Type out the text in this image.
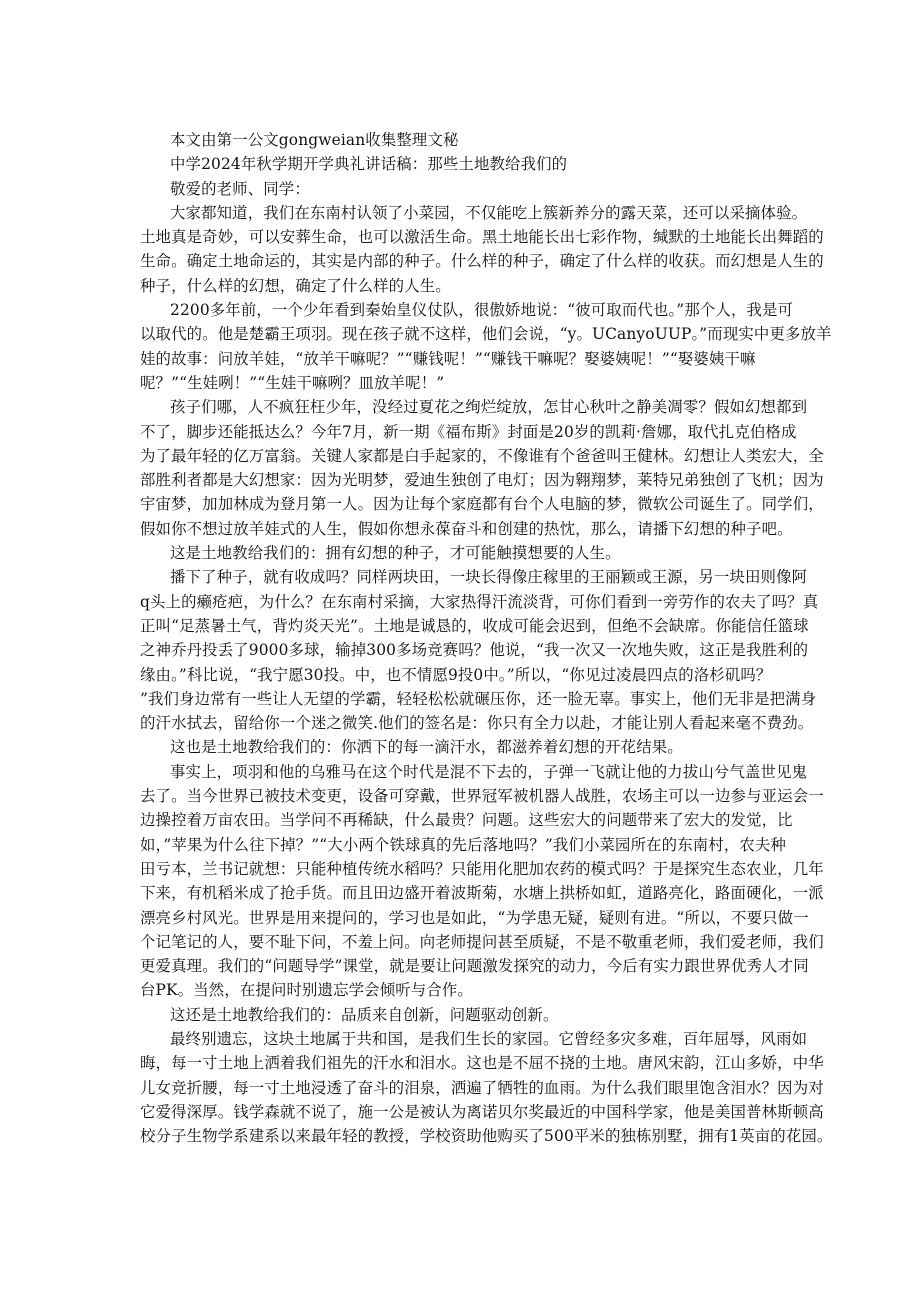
本文由第一公文gongweian收集整理文秘
中学2024年秋学期开学典礼讲话稿：那些土地教给我们的
敬爱的老师、同学：
大家都知道，我们在东南村认领了小菜园，不仅能吃上簇新养分的露天菜，还可以采摘体验。
土地真是奇妙，可以安葬生命，也可以激活生命。黑土地能长出七彩作物，缄默的土地能长出舞蹈的
生命。确定土地命运的，其实是内部的种子。什么样的种子，确定了什么样的收获。而幻想是人生的
种子，什么样的幻想，确定了什么样的人生。
2200多年前，一个少年看到秦始皇仪仗队，很傲娇地说：“彼可取而代也。”那个人，我是可
以取代的。他是楚霸王项羽。现在孩子就不这样，他们会说，“y。UCanyoUUP。”而现实中更多放羊
娃的故事：问放羊娃，“放羊干嘛呢？”“赚钱呢！”“赚钱干嘛呢？娶婆姨呢！”“娶婆姨干嘛
呢？”“生娃咧！”“生娃干嘛咧？皿放羊呢！”
孩子们哪，人不疯狂枉少年，没经过夏花之绚烂绽放，怎甘心秋叶之静美凋零？假如幻想都到
不了，脚步还能抵达么？今年7月，新一期《福布斯》封面是20岁的凯莉·詹娜，取代扎克伯格成
为了最年轻的亿万富翁。关键人家都是白手起家的，不像谁有个爸爸叫王健林。幻想让人类宏大，全
部胜利者都是大幻想家：因为光明梦，爱迪生独创了电灯；因为翱翔梦，莱特兄弟独创了飞机；因为
宇宙梦，加加林成为登月第一人。因为让每个家庭都有台个人电脑的梦，微软公司诞生了。同学们，
假如你不想过放羊娃式的人生，假如你想永葆奋斗和创建的热忱，那么，请播下幻想的种子吧。
这是土地教给我们的：拥有幻想的种子，才可能触摸想要的人生。
播下了种子，就有收成吗？同样两块田，一块长得像庄稼里的王丽颖或王源，另一块田则像阿
q头上的癞疮疤，为什么？在东南村采摘，大家热得汗流淡背，可你们看到一旁劳作的农夫了吗？真
正叫“足蒸暑土气，背灼炎天光”。土地是诚恳的，收成可能会迟到，但绝不会缺席。你能信任篮球
之神乔丹投丢了9000多球，输掉300多场竞赛吗？他说，“我一次又一次地失败，这正是我胜利的
缘由。”科比说，“我宁愿30投。中，也不情愿9投0中。”所以，“你见过凌晨四点的洛杉矶吗？
”我们身边常有一些让人无望的学霸，轻轻松松就碾压你，还一脸无辜。事实上，他们无非是把满身
的汗水拭去，留给你一个迷之微笑.他们的签名是：你只有全力以赴，才能让别人看起来毫不费劲。
这也是土地教给我们的：你洒下的每一滴汗水，都滋养着幻想的开花结果。
事实上，项羽和他的乌雅马在这个时代是混不下去的，子弹一飞就让他的力拔山兮气盖世见鬼
去了。当今世界已被技术变更，设备可穿戴，世界冠军被机器人战胜，农场主可以一边参与亚运会一
边操控着万亩农田。当学问不再稀缺，什么最贵？问题。这些宏大的问题带来了宏大的发觉，比
如，”苹果为什么往下掉？”“大小两个铁球真的先后落地吗？”我们小菜园所在的东南村，农夫种
田亏本，兰书记就想：只能种植传统水稻吗？只能用化肥加农药的模式吗？于是探究生态农业，几年
下来，有机稻米成了抢手货。而且田边盛开着波斯菊，水塘上拱桥如虹，道路亮化，路面硬化，一派
漂亮乡村风光。世界是用来提问的，学习也是如此，“为学患无疑，疑则有进。“所以，不要只做一
个记笔记的人，要不耻下问，不羞上问。向老师提问甚至质疑，不是不敬重老师，我们爱老师，我们
更爱真理。我们的“问题导学”课堂，就是要让问题激发探究的动力，今后有实力跟世界优秀人才同
台PK。当然，在提问时别遗忘学会倾听与合作。
这还是土地教给我们的：品质来自创新，问题驱动创新。
最终别遗忘，这块土地属于共和国，是我们生长的家园。它曾经多灾多难，百年屈辱，风雨如
晦，每一寸土地上洒着我们祖先的汗水和泪水。这也是不屈不挠的土地。唐风宋韵，江山多娇，中华
儿女竞折腰，每一寸土地浸透了奋斗的泪泉，洒遍了牺牲的血雨。为什么我们眼里饱含泪水？因为对
它爱得深厚。钱学森就不说了，施一公是被认为离诺贝尔奖最近的中国科学家，他是美国普林斯顿高
校分子生物学系建系以来最年轻的教授，学校资助他购买了500平米的独栋别墅，拥有1英亩的花园。
